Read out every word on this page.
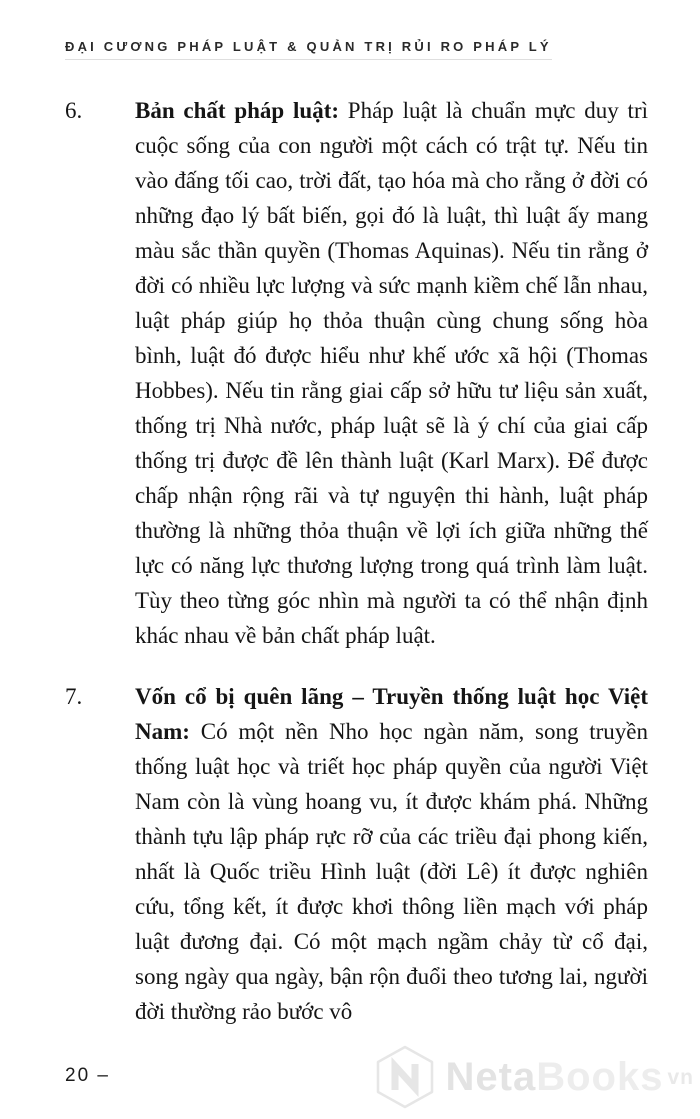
ĐẠI CƯƠNG PHÁP LUẬT & QUẢN TRỊ RỦI RO PHÁP LÝ
6.	Bản chất pháp luật: Pháp luật là chuẩn mực duy trì cuộc sống của con người một cách có trật tự. Nếu tin vào đấng tối cao, trời đất, tạo hóa mà cho rằng ở đời có những đạo lý bất biến, gọi đó là luật, thì luật ấy mang màu sắc thần quyền (Thomas Aquinas). Nếu tin rằng ở đời có nhiều lực lượng và sức mạnh kiềm chế lẫn nhau, luật pháp giúp họ thỏa thuận cùng chung sống hòa bình, luật đó được hiểu như khế ước xã hội (Thomas Hobbes). Nếu tin rằng giai cấp sở hữu tư liệu sản xuất, thống trị Nhà nước, pháp luật sẽ là ý chí của giai cấp thống trị được đề lên thành luật (Karl Marx). Để được chấp nhận rộng rãi và tự nguyện thi hành, luật pháp thường là những thỏa thuận về lợi ích giữa những thế lực có năng lực thương lượng trong quá trình làm luật. Tùy theo từng góc nhìn mà người ta có thể nhận định khác nhau về bản chất pháp luật.

7.	Vốn cổ bị quên lãng – Truyền thống luật học Việt Nam: Có một nền Nho học ngàn năm, song truyền thống luật học và triết học pháp quyền của người Việt Nam còn là vùng hoang vu, ít được khám phá. Những thành tựu lập pháp rực rỡ của các triều đại phong kiến, nhất là Quốc triều Hình luật (đời Lê) ít được nghiên cứu, tổng kết, ít được khơi thông liền mạch với pháp luật đương đại. Có một mạch ngầm chảy từ cổ đại, song ngày qua ngày, bận rộn đuổi theo tương lai, người đời thường rảo bước vô

20 –	Neta Books vn
